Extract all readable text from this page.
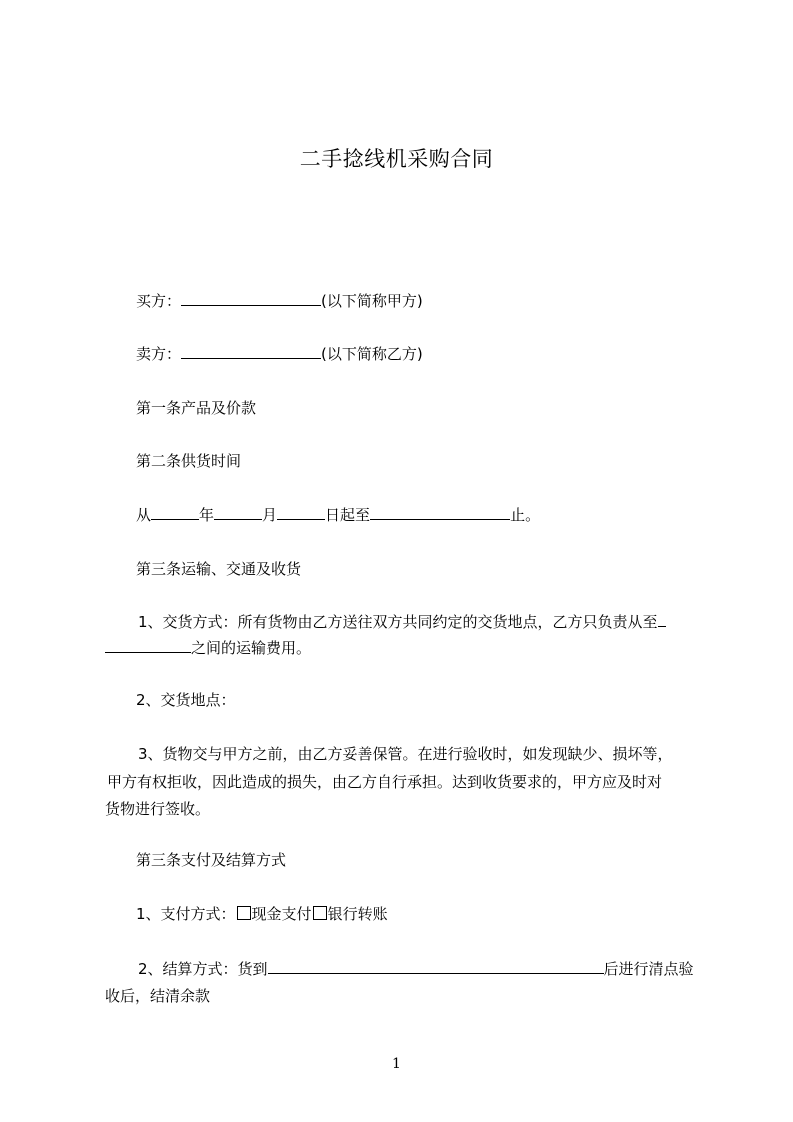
二手捻线机采购合同
买方：	(以下简称甲方)
卖方：	(以下简称乙方)
第一条产品及价款
第二条供货时间
从	年	月	日起至	止。
第三条运输、交通及收货
1、交货方式：所有货物由乙方送往双方共同约定的交货地点，乙方只负责从至
之间的运输费用。
2、交货地点：
3、货物交与甲方之前，由乙方妥善保管。在进行验收时，如发现缺少、损坏等，
甲方有权拒收，因此造成的损失，由乙方自行承担。达到收货要求的，甲方应及时对
货物进行签收。
第三条支付及结算方式
1、支付方式： 现金支付 银行转账
2、结算方式：货到	后进行清点验
收后，结清余款
1
